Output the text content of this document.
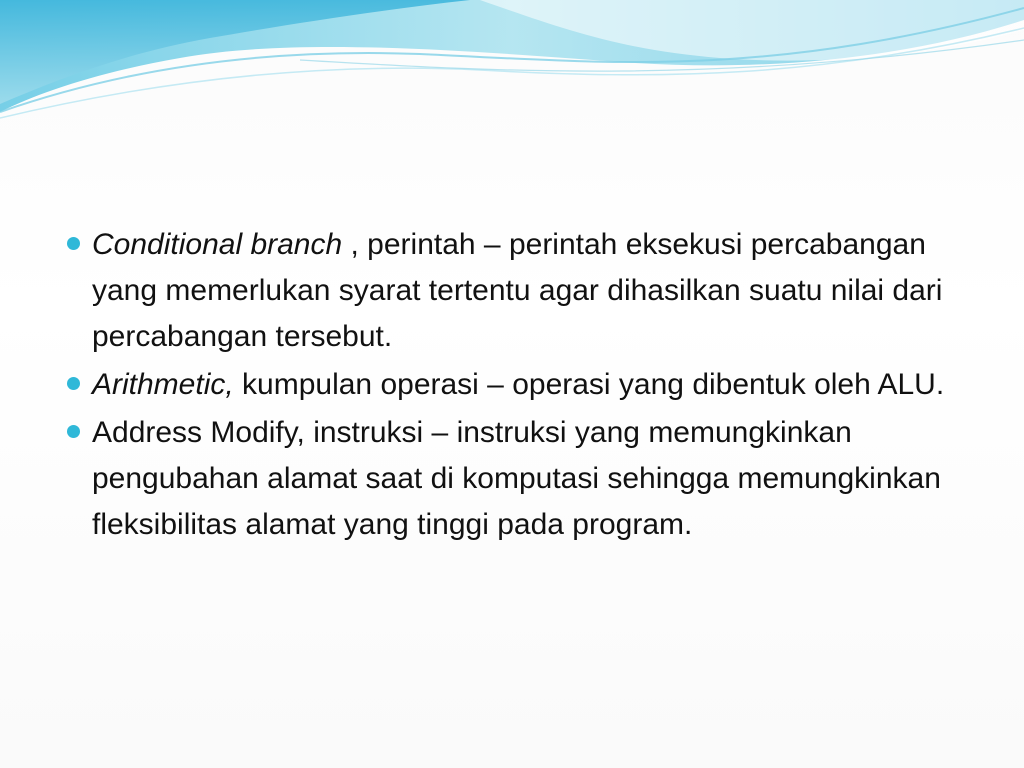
Conditional branch , perintah – perintah eksekusi percabangan yang memerlukan syarat tertentu agar dihasilkan suatu nilai dari percabangan tersebut.
Arithmetic, kumpulan operasi – operasi yang dibentuk oleh ALU.
Address Modify, instruksi – instruksi yang memungkinkan pengubahan alamat saat di komputasi sehingga memungkinkan fleksibilitas alamat yang tinggi pada program.
